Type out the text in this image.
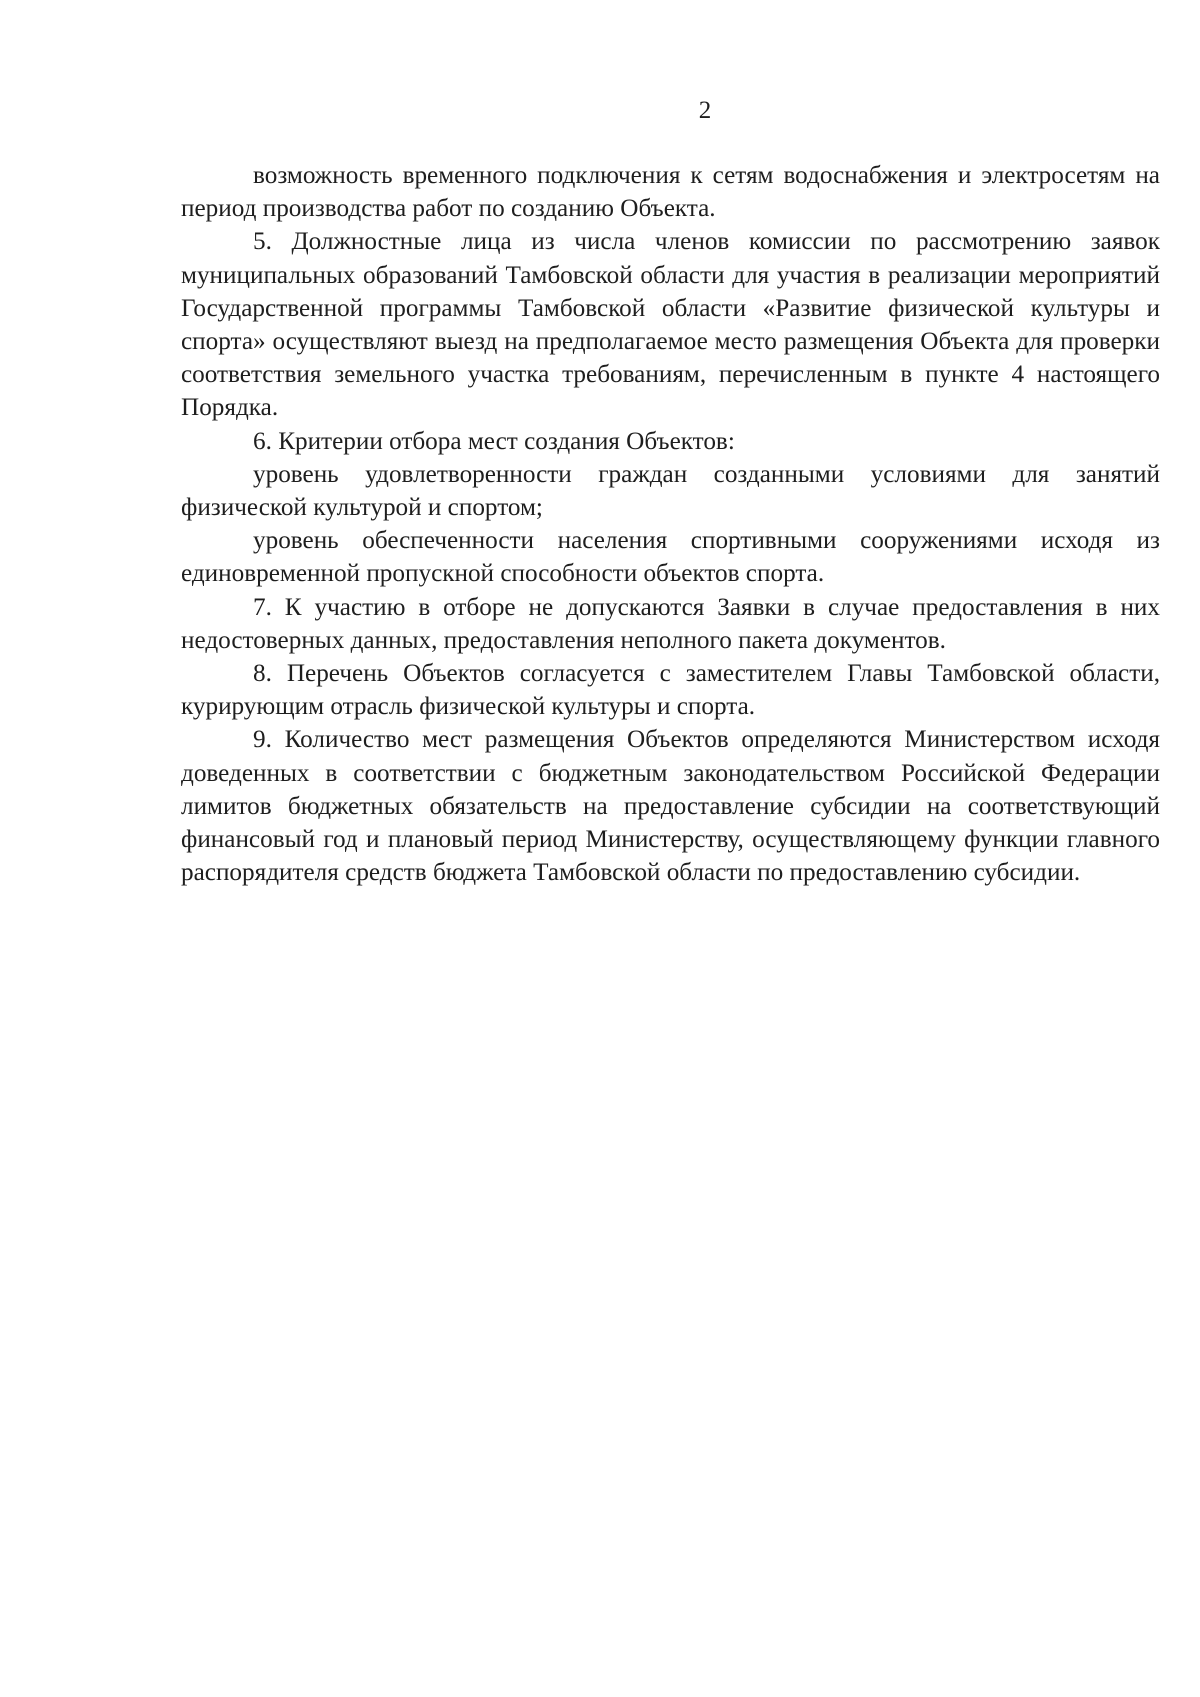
2

возможность временного подключения к сетям водоснабжения и электросетям на период производства работ по созданию Объекта.

5. Должностные лица из числа членов комиссии по рассмотрению заявок муниципальных образований Тамбовской области для участия в реализации мероприятий Государственной программы Тамбовской области «Развитие физической культуры и спорта» осуществляют выезд на предполагаемое место размещения Объекта для проверки соответствия земельного участка требованиям, перечисленным в пункте 4 настоящего Порядка.

6. Критерии отбора мест создания Объектов:

уровень удовлетворенности граждан созданными условиями для занятий физической культурой и спортом;

уровень обеспеченности населения спортивными сооружениями исходя из единовременной пропускной способности объектов спорта.

7. К участию в отборе не допускаются Заявки в случае предоставления в них недостоверных данных, предоставления неполного пакета документов.

8. Перечень Объектов согласуется с заместителем Главы Тамбовской области, курирующим отрасль физической культуры и спорта.

9. Количество мест размещения Объектов определяются Министерством исходя доведенных в соответствии с бюджетным законодательством Российской Федерации лимитов бюджетных обязательств на предоставление субсидии на соответствующий финансовый год и плановый период Министерству, осуществляющему функции главного распорядителя средств бюджета Тамбовской области по предоставлению субсидии.
